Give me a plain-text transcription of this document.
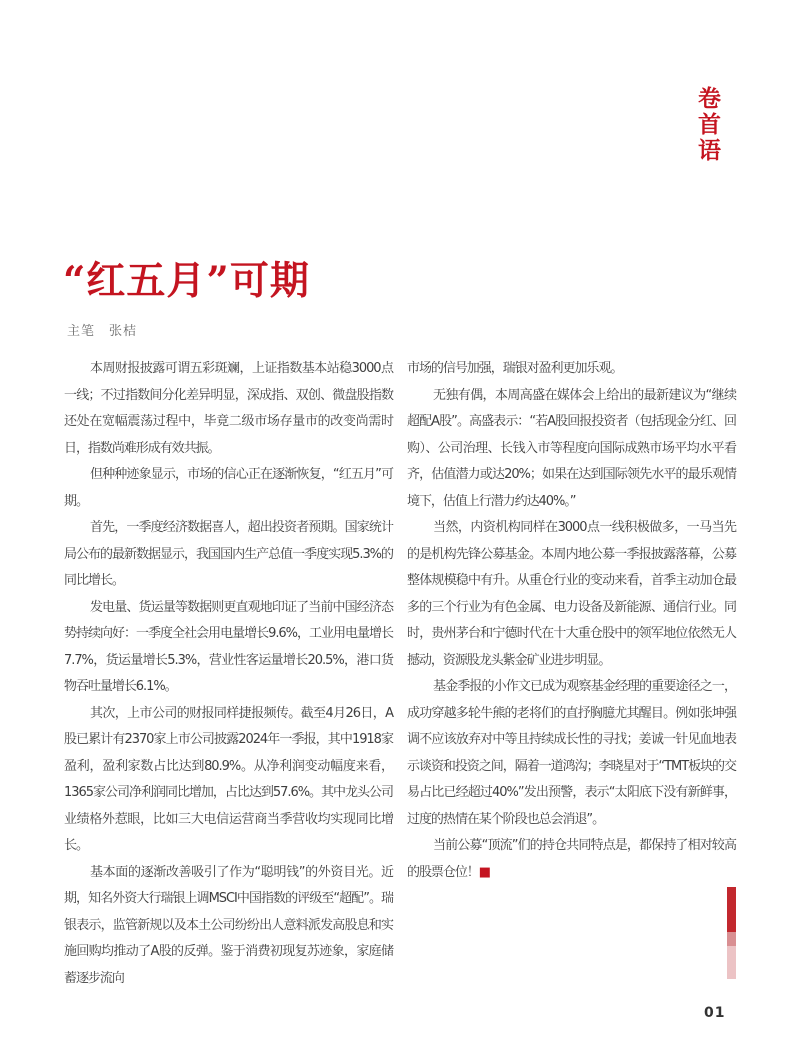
卷首语
“红五月”可期
主笔　张桔

本周财报披露可谓五彩斑斓，上证指数基本站稳3000点一线；不过指数间分化差异明显，深成指、双创、微盘股指数还处在宽幅震荡过程中，毕竟二级市场存量市的改变尚需时日，指数尚难形成有效共振。

但种种迹象显示，市场的信心正在逐渐恢复，“红五月”可期。

首先，一季度经济数据喜人，超出投资者预期。国家统计局公布的最新数据显示，我国国内生产总值一季度实现5.3%的同比增长。

发电量、货运量等数据则更直观地印证了当前中国经济态势持续向好：一季度全社会用电量增长9.6%，工业用电量增长7.7%，货运量增长5.3%，营业性客运量增长20.5%，港口货物吞吐量增长6.1%。

其次，上市公司的财报同样捷报频传。截至4月26日，A股已累计有2370家上市公司披露2024年一季报，其中1918家盈利，盈利家数占比达到80.9%。从净利润变动幅度来看，1365家公司净利润同比增加，占比达到57.6%。其中龙头公司业绩格外惹眼，比如三大电信运营商当季营收均实现同比增长。

基本面的逐渐改善吸引了作为“聪明钱”的外资目光。近期，知名外资大行瑞银上调MSCI中国指数的评级至“超配”。瑞银表示，监管新规以及本土公司纷纷出人意料派发高股息和实施回购均推动了A股的反弹。鉴于消费初现复苏迹象，家庭储蓄逐步流向

市场的信号加强，瑞银对盈利更加乐观。

无独有偶，本周高盛在媒体会上给出的最新建议为“继续超配A股”。高盛表示：“若A股回报投资者（包括现金分红、回购）、公司治理、长钱入市等程度向国际成熟市场平均水平看齐，估值潜力或达20%；如果在达到国际领先水平的最乐观情境下，估值上行潜力约达40%。”

当然，内资机构同样在3000点一线积极做多，一马当先的是机构先锋公募基金。本周内地公募一季报披露落幕，公募整体规模稳中有升。从重仓行业的变动来看，首季主动加仓最多的三个行业为有色金属、电力设备及新能源、通信行业。同时，贵州茅台和宁德时代在十大重仓股中的领军地位依然无人撼动，资源股龙头紫金矿业进步明显。

基金季报的小作文已成为观察基金经理的重要途径之一，成功穿越多轮牛熊的老将们的直抒胸臆尤其醒目。例如张坤强调不应该放弃对中等且持续成长性的寻找；姜诚一针见血地表示谈资和投资之间，隔着一道鸿沟；李晓星对于“TMT板块的交易占比已经超过40%”发出预警，表示“太阳底下没有新鲜事，过度的热情在某个阶段也总会消退”。

当前公募“顶流”们的持仓共同特点是，都保持了相对较高的股票仓位！■

01
